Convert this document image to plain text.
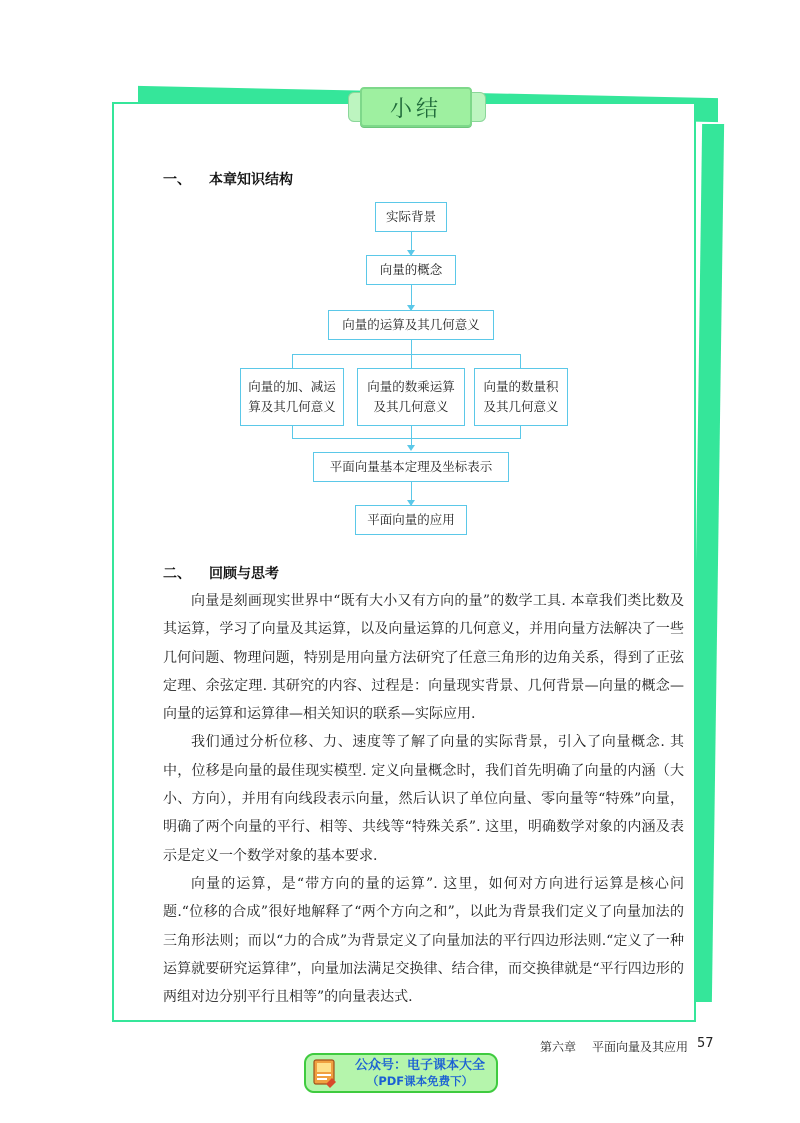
小结
一、 本章知识结构
实际背景
向量的概念
向量的运算及其几何意义
向量的加、减运
算及其几何意义
向量的数乘运算
及其几何意义
向量的数量积
及其几何意义
平面向量基本定理及坐标表示
平面向量的应用
二、 回顾与思考

向量是刻画现实世界中“既有大小又有方向的量”的数学工具. 本章我们类比数及其运算，学习了向量及其运算，以及向量运算的几何意义，并用向量方法解决了一些几何问题、物理问题，特别是用向量方法研究了任意三角形的边角关系，得到了正弦定理、余弦定理. 其研究的内容、过程是：向量现实背景、几何背景—向量的概念—向量的运算和运算律—相关知识的联系—实际应用.

我们通过分析位移、力、速度等了解了向量的实际背景，引入了向量概念. 其中，位移是向量的最佳现实模型. 定义向量概念时，我们首先明确了向量的内涵（大小、方向），并用有向线段表示向量，然后认识了单位向量、零向量等“特殊”向量，明确了两个向量的平行、相等、共线等“特殊关系”. 这里，明确数学对象的内涵及表示是定义一个数学对象的基本要求.

向量的运算，是“带方向的量的运算”. 这里，如何对方向进行运算是核心问题.“位移的合成”很好地解释了“两个方向之和”，以此为背景我们定义了向量加法的三角形法则；而以“力的合成”为背景定义了向量加法的平行四边形法则.“定义了一种运算就要研究运算律”，向量加法满足交换律、结合律，而交换律就是“平行四边形的两组对边分别平行且相等”的向量表达式.

第六章 平面向量及其应用 57
公众号：电子课本大全
（PDF课本免费下）
